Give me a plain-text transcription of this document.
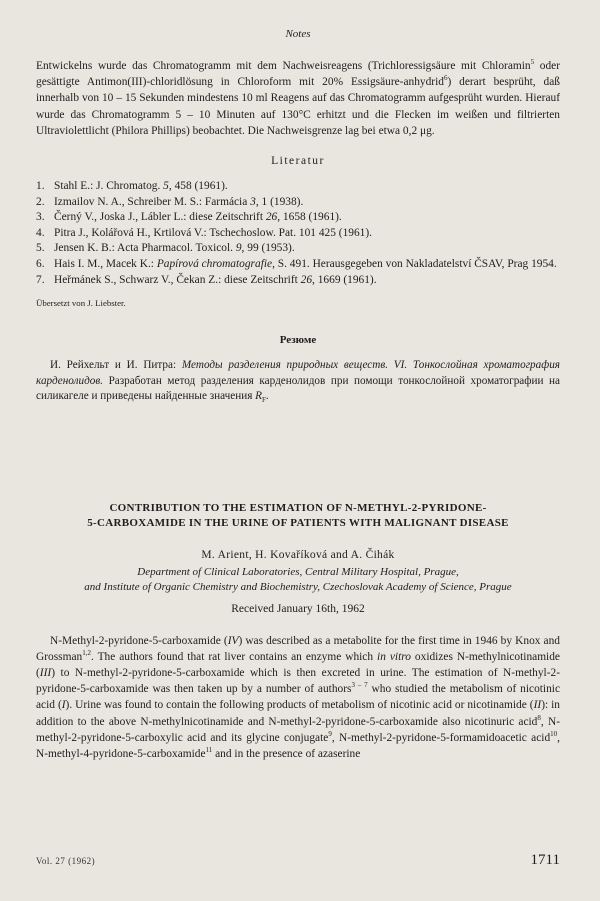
Notes

Entwickelns wurde das Chromatogramm mit dem Nachweisreagens (Trichloressigsäure mit Chloramin$^5$ oder gesättigte Antimon(III)-chloridlösung in Chloroform mit 20% Essigsäure-anhydrid$^6$) derart besprüht, daß innerhalb von 10 – 15 Sekunden mindestens 10 ml Reagens auf das Chromatogramm aufgesprüht wurden. Hierauf wurde das Chromatogramm 5 – 10 Minuten auf 130°C erhitzt und die Flecken im weißen und filtrierten Ultraviolettlicht (Philora Phillips) beobachtet. Die Nachweisgrenze lag bei etwa 0,2 μg.

Literatur
1. Stahl E.: J. Chromatog. 5, 458 (1961).
2. Izmailov N. A., Schreiber M. S.: Farmácia 3, 1 (1938).
3. Černý V., Joska J., Lábler L.: diese Zeitschrift 26, 1658 (1961).
4. Pitra J., Kolářová H., Krtilová V.: Tschechoslow. Pat. 101 425 (1961).
5. Jensen K. B.: Acta Pharmacol. Toxicol. 9, 99 (1953).
6. Hais I. M., Macek K.: Papírová chromatografie, S. 491. Herausgegeben von Nakladatelství ČSAV, Prag 1954.
7. Heřmánek S., Schwarz V., Čekan Z.: diese Zeitschrift 26, 1669 (1961).

Übersetzt von J. Liebster.

Резюме

И. Рейхельт и И. Питра: Методы разделения природных веществ. VI. Тонкослойная хроматография карденолидов. Разработан метод разделения карденолидов при помощи тонкослойной хроматографии на силикагеле и приведены найденные значения $R_F$.

CONTRIBUTION TO THE ESTIMATION OF N-METHYL-2-PYRIDONE-
5-CARBOXAMIDE IN THE URINE OF PATIENTS WITH MALIGNANT DISEASE
M. Arient, H. Kovaříková and A. Čihák

Department of Clinical Laboratories, Central Military Hospital, Prague,
and Institute of Organic Chemistry and Biochemistry, Czechoslovak Academy of Science, Prague

Received January 16th, 1962

N-Methyl-2-pyridone-5-carboxamide (IV) was described as a metabolite for the first time in 1946 by Knox and Grossman$^{1,2}$. The authors found that rat liver contains an enzyme which in vitro oxidizes N-methylnicotinamide (III) to N-methyl-2-pyridone-5-carboxamide which is then excreted in urine. The estimation of N-methyl-2-pyridone-5-carboxamide was then taken up by a number of authors$^{3 - 7}$ who studied the metabolism of nicotinic acid (I). Urine was found to contain the following products of metabolism of nicotinic acid or nicotinamide (II): in addition to the above N-methylnicotinamide and N-methyl-2-pyridone-5-carboxamide also nicotinuric acid$^8$, N-methyl-2-pyridone-5-carboxylic acid and its glycine conjugate$^9$, N-methyl-2-pyridone-5-formamidoacetic acid$^{10}$, N-methyl-4-pyridone-5-carboxamide$^{11}$ and in the presence of azaserine

Vol. 27 (1962)	1711
